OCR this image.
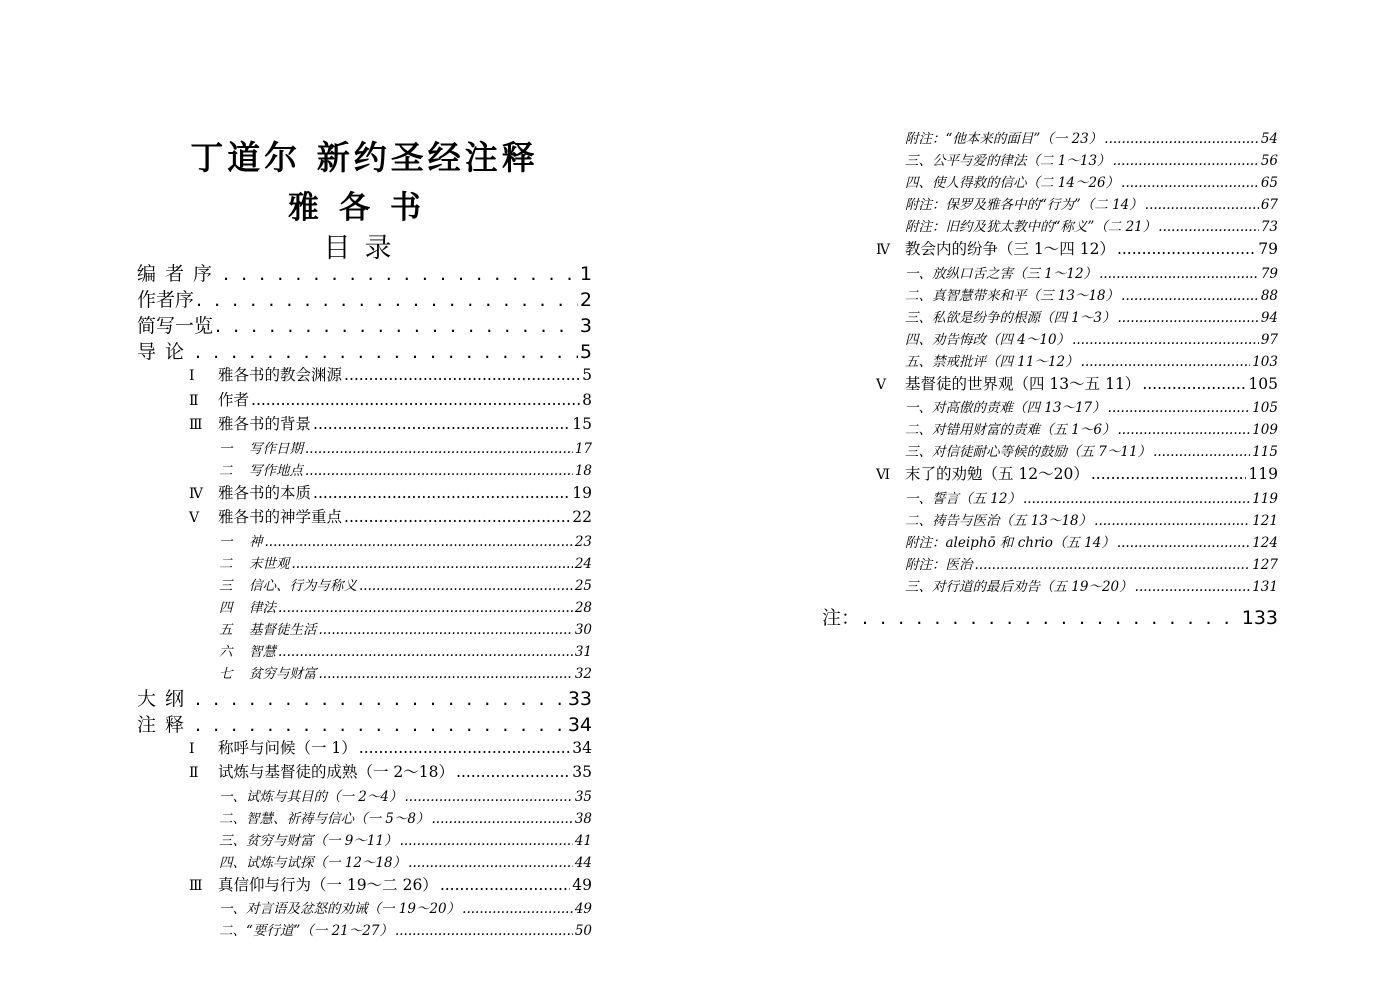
丁道尔 新约圣经注释
雅各书
目录
编者序 . . .	1
作者序 . . .	2
简写一览 . . .	3
导论 . . .	5
Ⅰ 雅各书的教会渊源 .....	5
Ⅱ 作者 .....	8
Ⅲ 雅各书的背景 .....	15
一 写作日期 .....	17
二 写作地点 .....	18
Ⅳ 雅各书的本质 .....	19
Ⅴ 雅各书的神学重点 .....	22
一 神 .....	23
二 末世观 .....	24
三 信心、行为与称义 .....	25
四 律法 .....	28
五 基督徒生活 .....	30
六 智慧 .....	31
七 贫穷与财富 .....	32
大纲 . . .	33
注释 . . .	34
Ⅰ 称呼与问候（一 1） .....	34
Ⅱ 试炼与基督徒的成熟（一 2～18） .....	35
一、试炼与其目的（一 2～4） .....	35
二、智慧、祈祷与信心（一 5～8） .....	38
三、贫穷与财富（一 9～11） .....	41
四、试炼与试探（一 12～18） .....	44
Ⅲ 真信仰与行为（一 19～二 26） .....	49
一、对言语及忿怒的劝诫（一 19～20） .....	49
二、“要行道”（一 21～27） .....	50
附注：“他本来的面目”（一 23） .....	54
三、公平与爱的律法（二 1～13） .....	56
四、使人得救的信心（二 14～26） .....	65
附注：保罗及雅各中的“行为”（二 14） .....	67
附注：旧约及犹太教中的“称义”（二 21） .....	73
Ⅳ 教会内的纷争（三 1～四 12） .....	79
一、放纵口舌之害（三 1～12） .....	79
二、真智慧带来和平（三 13～18） .....	88
三、私欲是纷争的根源（四 1～3） .....	94
四、劝告悔改（四 4～10） .....	97
五、禁戒批评（四 11～12） .....	103
Ⅴ 基督徒的世界观（四 13～五 11） .....	105
一、对高傲的责难（四 13～17） .....	105
二、对错用财富的责难（五 1～6） .....	109
三、对信徒耐心等候的鼓励（五 7～11） .....	115
Ⅵ 末了的劝勉（五 12～20） .....	119
一、誓言（五 12） .....	119
二、祷告与医治（五 13～18） .....	121
附注：aleiphō 和 chrio（五 14） .....	124
附注：医治 .....	127
三、对行道的最后劝告（五 19～20） .....	131
注： . . .	133
